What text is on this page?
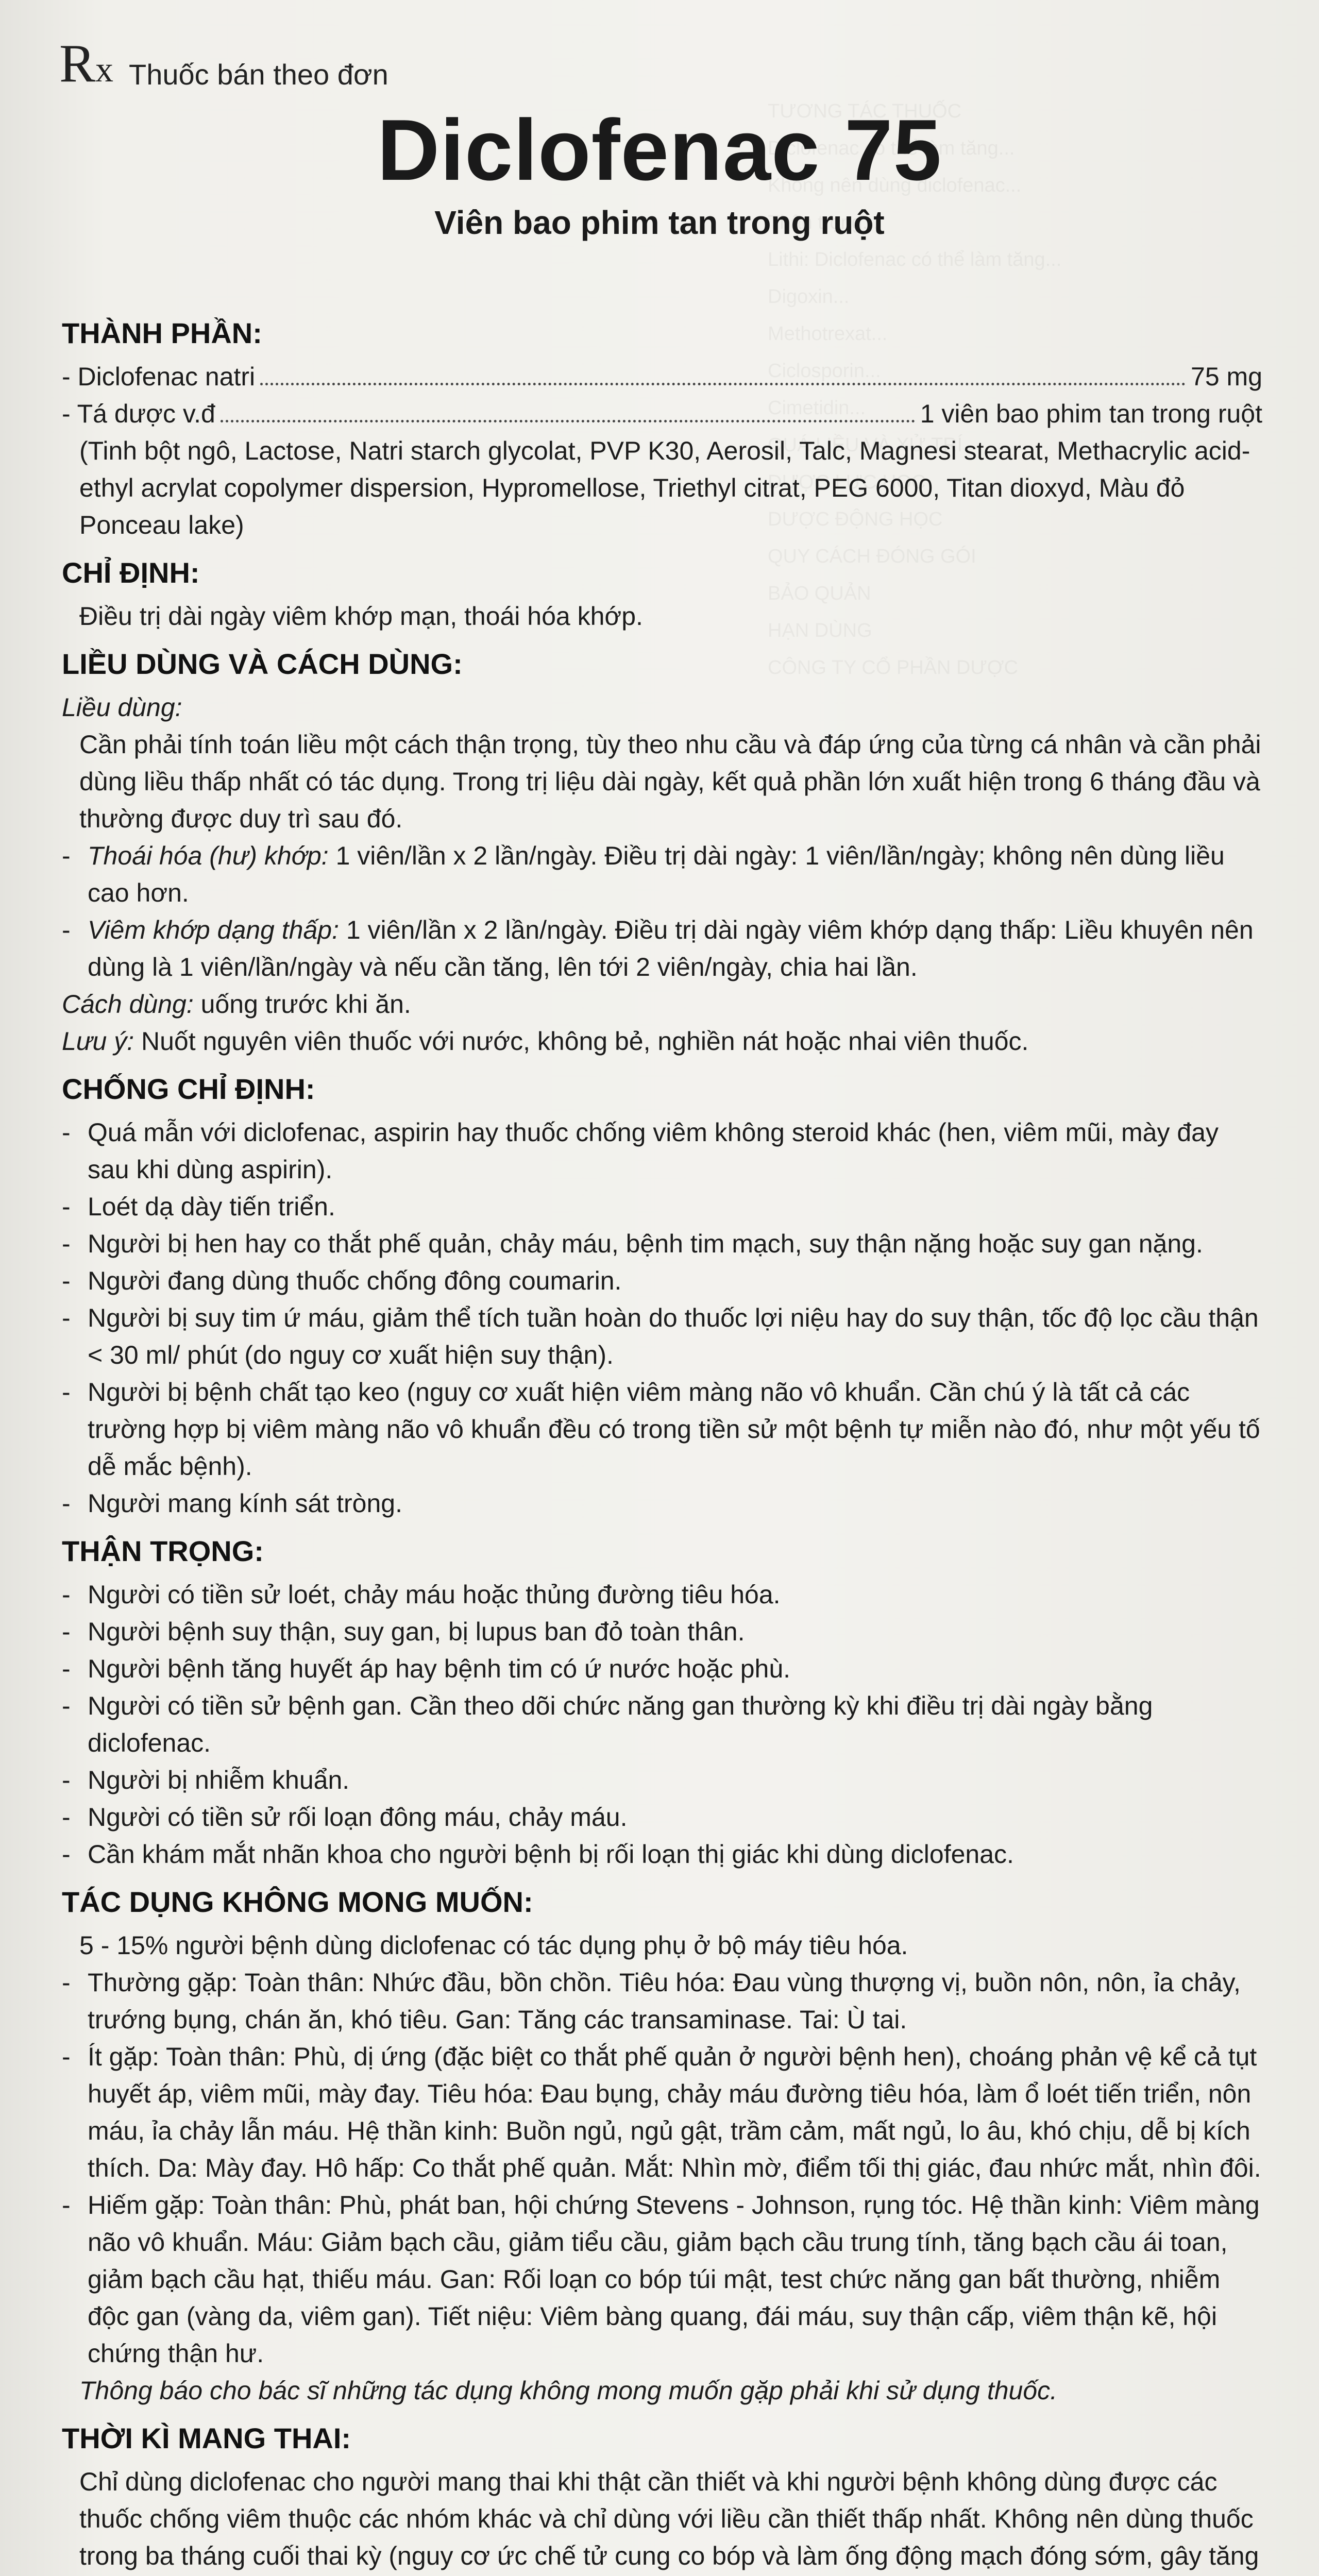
Rx Thuốc bán theo đơn
Diclofenac 75
Viên bao phim tan trong ruột
THÀNH PHẦN:
- Diclofenac natri	75 mg
- Tá dược v.đ	1 viên bao phim tan trong ruột

(Tinh bột ngô, Lactose, Natri starch glycolat, PVP K30, Aerosil, Talc, Magnesi stearat, Methacrylic acid-ethyl acrylat copolymer dispersion, Hypromellose, Triethyl citrat, PEG 6000, Titan dioxyd, Màu đỏ Ponceau lake)

CHỈ ĐỊNH:

Điều trị dài ngày viêm khớp mạn, thoái hóa khớp.

LIỀU DÙNG VÀ CÁCH DÙNG:

Liều dùng:

Cần phải tính toán liều một cách thận trọng, tùy theo nhu cầu và đáp ứng của từng cá nhân và cần phải dùng liều thấp nhất có tác dụng. Trong trị liệu dài ngày, kết quả phần lớn xuất hiện trong 6 tháng đầu và thường được duy trì sau đó.

- Thoái hóa (hư) khớp: 1 viên/lần x 2 lần/ngày. Điều trị dài ngày: 1 viên/lần/ngày; không nên dùng liều cao hơn.
- Viêm khớp dạng thấp: 1 viên/lần x 2 lần/ngày. Điều trị dài ngày viêm khớp dạng thấp: Liều khuyên nên dùng là 1 viên/lần/ngày và nếu cần tăng, lên tới 2 viên/ngày, chia hai lần.

Cách dùng: uống trước khi ăn.

Lưu ý: Nuốt nguyên viên thuốc với nước, không bẻ, nghiền nát hoặc nhai viên thuốc.

CHỐNG CHỈ ĐỊNH:
- Quá mẫn với diclofenac, aspirin hay thuốc chống viêm không steroid khác (hen, viêm mũi, mày đay sau khi dùng aspirin).
- Loét dạ dày tiến triển.
- Người bị hen hay co thắt phế quản, chảy máu, bệnh tim mạch, suy thận nặng hoặc suy gan nặng.
- Người đang dùng thuốc chống đông coumarin.
- Người bị suy tim ứ máu, giảm thể tích tuần hoàn do thuốc lợi niệu hay do suy thận, tốc độ lọc cầu thận < 30 ml/ phút (do nguy cơ xuất hiện suy thận).
- Người bị bệnh chất tạo keo (nguy cơ xuất hiện viêm màng não vô khuẩn. Cần chú ý là tất cả các trường hợp bị viêm màng não vô khuẩn đều có trong tiền sử một bệnh tự miễn nào đó, như một yếu tố dễ mắc bệnh).
- Người mang kính sát tròng.
THẬN TRỌNG:
- Người có tiền sử loét, chảy máu hoặc thủng đường tiêu hóa.
- Người bệnh suy thận, suy gan, bị lupus ban đỏ toàn thân.
- Người bệnh tăng huyết áp hay bệnh tim có ứ nước hoặc phù.
- Người có tiền sử bệnh gan. Cần theo dõi chức năng gan thường kỳ khi điều trị dài ngày bằng diclofenac.
- Người bị nhiễm khuẩn.
- Người có tiền sử rối loạn đông máu, chảy máu.
- Cần khám mắt nhãn khoa cho người bệnh bị rối loạn thị giác khi dùng diclofenac.
TÁC DỤNG KHÔNG MONG MUỐN:

5 - 15% người bệnh dùng diclofenac có tác dụng phụ ở bộ máy tiêu hóa.

- Thường gặp: Toàn thân: Nhức đầu, bồn chồn. Tiêu hóa: Đau vùng thượng vị, buồn nôn, nôn, ỉa chảy, trướng bụng, chán ăn, khó tiêu. Gan: Tăng các transaminase. Tai: Ù tai.
- Ít gặp: Toàn thân: Phù, dị ứng (đặc biệt co thắt phế quản ở người bệnh hen), choáng phản vệ kể cả tụt huyết áp, viêm mũi, mày đay. Tiêu hóa: Đau bụng, chảy máu đường tiêu hóa, làm ổ loét tiến triển, nôn máu, ỉa chảy lẫn máu. Hệ thần kinh: Buồn ngủ, ngủ gật, trầm cảm, mất ngủ, lo âu, khó chịu, dễ bị kích thích. Da: Mày đay. Hô hấp: Co thắt phế quản. Mắt: Nhìn mờ, điểm tối thị giác, đau nhức mắt, nhìn đôi.
- Hiếm gặp: Toàn thân: Phù, phát ban, hội chứng Stevens - Johnson, rụng tóc. Hệ thần kinh: Viêm màng não vô khuẩn. Máu: Giảm bạch cầu, giảm tiểu cầu, giảm bạch cầu trung tính, tăng bạch cầu ái toan, giảm bạch cầu hạt, thiếu máu. Gan: Rối loạn co bóp túi mật, test chức năng gan bất thường, nhiễm độc gan (vàng da, viêm gan). Tiết niệu: Viêm bàng quang, đái máu, suy thận cấp, viêm thận kẽ, hội chứng thận hư.

Thông báo cho bác sĩ những tác dụng không mong muốn gặp phải khi sử dụng thuốc.

THỜI KÌ MANG THAI:

Chỉ dùng diclofenac cho người mang thai khi thật cần thiết và khi người bệnh không dùng được các thuốc chống viêm thuộc các nhóm khác và chỉ dùng với liều cần thiết thấp nhất. Không nên dùng thuốc trong ba tháng cuối thai kỳ (nguy cơ ức chế tử cung co bóp và làm ống động mạch đóng sớm, gây tăng
